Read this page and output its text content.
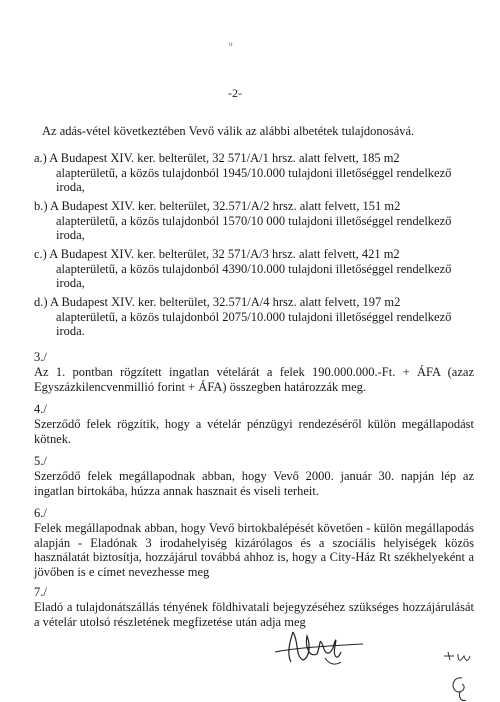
υ
-2-
Az adás-vétel következtében Vevő válik az alábbi albetétek tulajdonosává.
a.) A Budapest XIV. ker. belterület, 32 571/A/1 hrsz. alatt felvett, 185 m2
alapterületű, a közös tulajdonból 1945/10.000 tulajdoni illetőséggel rendelkező iroda,
b.) A Budapest XIV. ker. belterület, 32.571/A/2 hrsz. alatt felvett, 151 m2
alapterületű, a közös tulajdonból 1570/10 000 tulajdoni illetőséggel rendelkező iroda,
c.) A Budapest XIV. ker. belterület, 32 571/A/3 hrsz. alatt felvett, 421 m2
alapterületű, a közös tulajdonból 4390/10.000 tulajdoni illetőséggel rendelkező iroda,
d.) A Budapest XIV. ker. belterület, 32.571/A/4 hrsz. alatt felvett, 197 m2
alapterületű, a közös tulajdonból 2075/10.000 tulajdoni illetőséggel rendelkező iroda.
3./
Az 1. pontban rögzített ingatlan vételárát a felek 190.000.000.-Ft. + ÁFA (azaz Egyszázkilencvenmillió forint + ÁFA) összegben határozzák meg.
4./
Szerződő felek rögzítik, hogy a vételár pénzügyi rendezéséről külön megállapodást kötnek.
5./
Szerződő felek megállapodnak abban, hogy Vevő 2000. január 30. napján lép az ingatlan birtokába, húzza annak hasznait és viseli terheit.
6./
Felek megállapodnak abban, hogy Vevő birtokbalépését követően - külön megállapodás alapján - Eladónak 3 irodahelyiség kizárólagos és a szociális helyiségek közös használatát biztosítja, hozzájárul továbbá ahhoz is, hogy a City-Ház Rt székhelyeként a jövőben is e címet nevezhesse meg
7./
Eladó a tulajdonátszállás tényének földhivatali bejegyzéséhez szükséges hozzájárulását a vételár utolsó részletének megfizetése után adja meg
